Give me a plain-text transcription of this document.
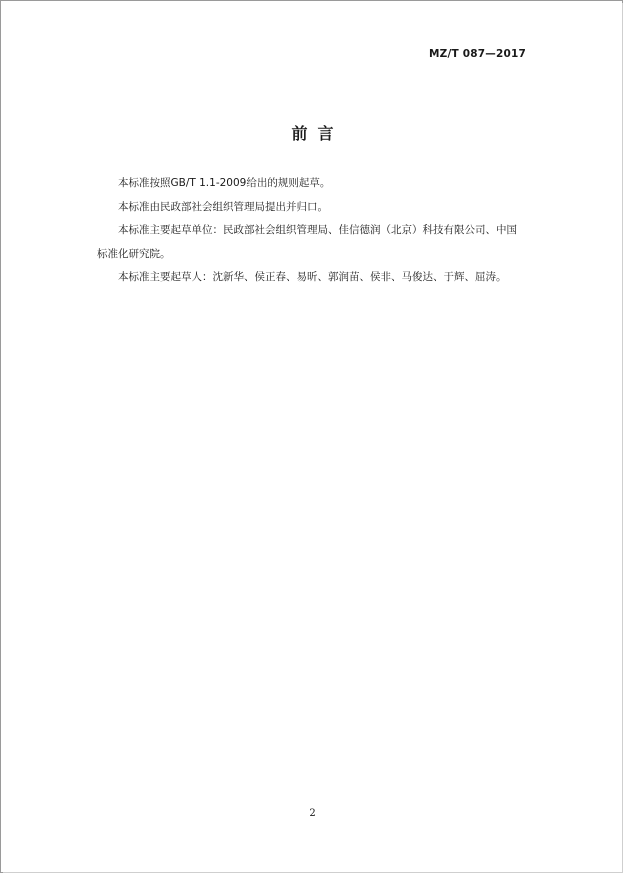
MZ/T 087—2017
前言

本标准按照GB/T 1.1-2009给出的规则起草。

本标准由民政部社会组织管理局提出并归口。

本标准主要起草单位：民政部社会组织管理局、佳信德润（北京）科技有限公司、中国标准化研究院。

本标准主要起草人：沈新华、侯正春、易昕、郭润苗、侯非、马俊达、于辉、屈涛。

2
